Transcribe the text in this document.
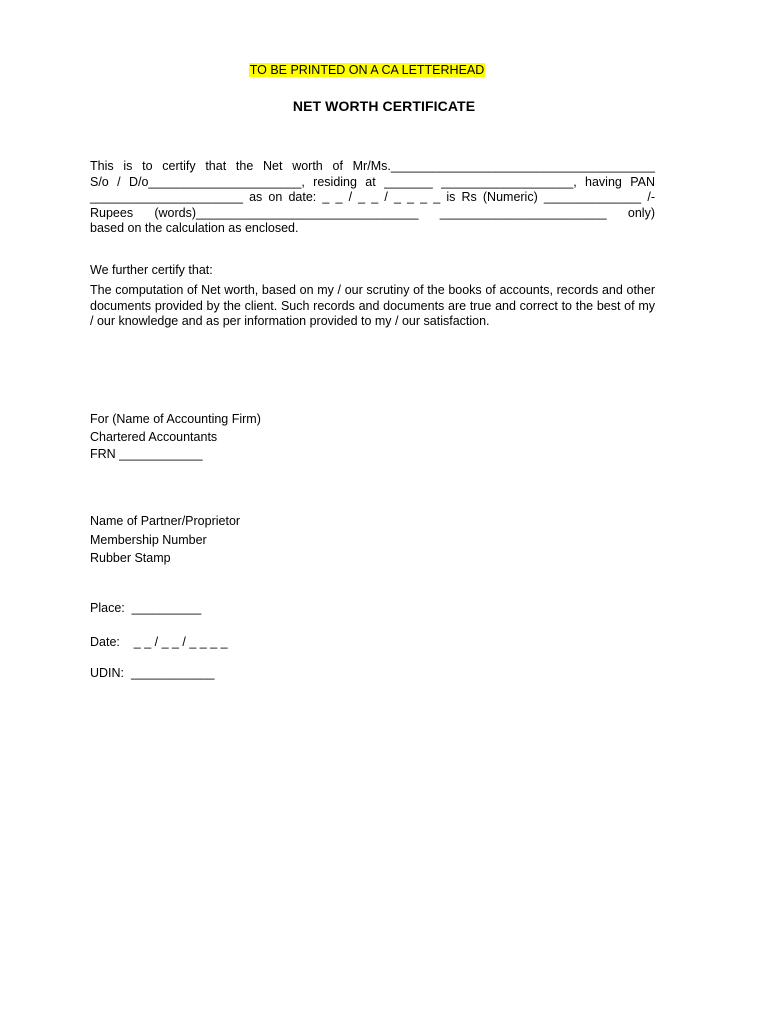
TO BE PRINTED ON A CA LETTERHEAD
NET WORTH CERTIFICATE
This is to certify that the Net worth of Mr/Ms.______________________________________
S/o / D/o______________________, residing at _______ ___________________, having PAN
______________________ as on date: _ _ / _ _ / _ _ _ _ is Rs (Numeric) ______________ /-
Rupees (words)________________________________ ________________________ only)
based on the calculation as enclosed.
We further certify that:
The computation of Net worth, based on my / our scrutiny of the books of accounts, records and other documents provided by the client. Such records and documents are true and correct to the best of my / our knowledge and as per information provided to my / our satisfaction.
For (Name of Accounting Firm)
Chartered Accountants
FRN ____________
Name of Partner/Proprietor
Membership Number
Rubber Stamp
Place:  __________
Date:    _ _ / _ _ / _ _ _ _
UDIN:  ____________
